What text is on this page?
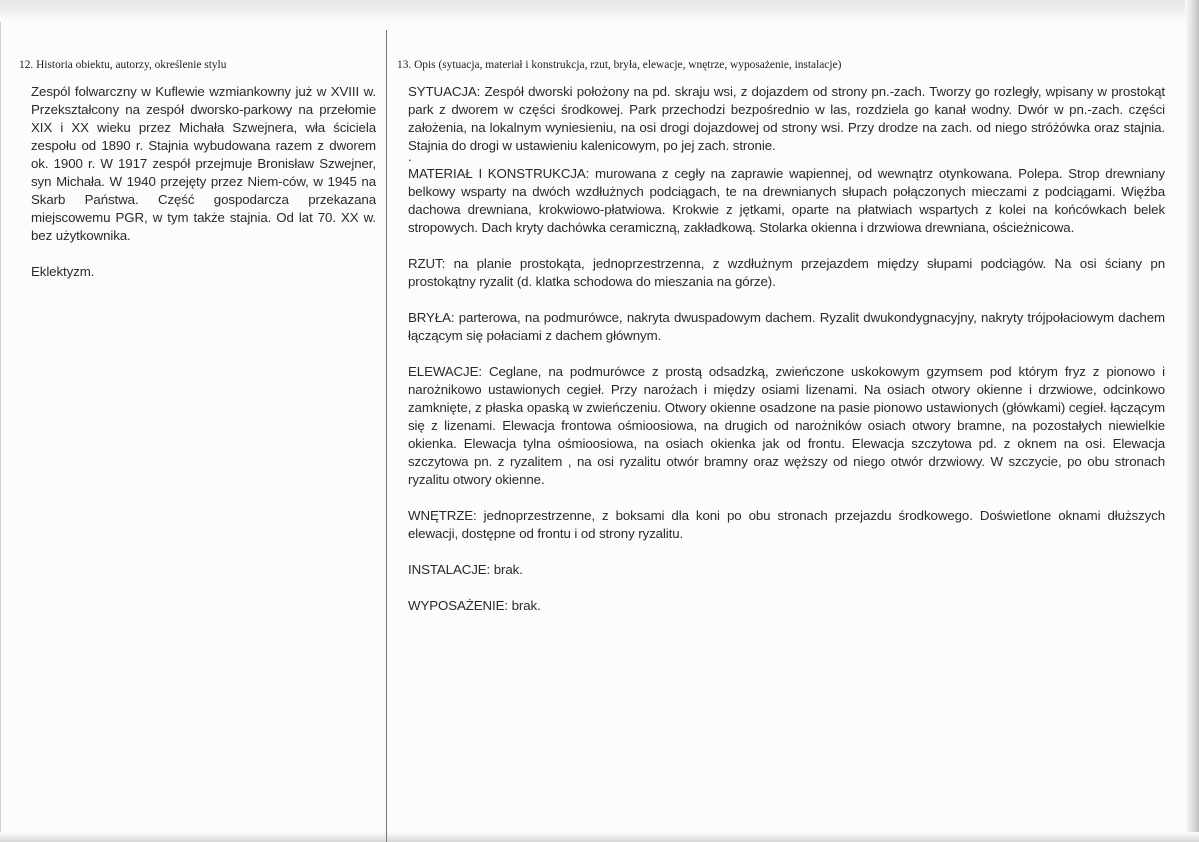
12. Historia obiektu, autorzy, określenie stylu

Zespól folwarczny w Kuflewie wzmiankowny już w XVIII w. Przekształcony na zespół dworsko-parkowy na przełomie XIX i XX wieku przez Michała Szwejnera, wła ściciela zespołu od 1890 r. Stajnia wybudowana razem z dworem ok. 1900 r. W 1917 zespół przejmuje Bronisław Szwejner, syn Michała. W 1940 przejęty przez Niem-ców, w 1945 na Skarb Państwa. Część gospodarcza przekazana miejscowemu PGR, w tym także stajnia. Od lat 70. XX w. bez użytkownika.

Eklektyzm.

13. Opis (sytuacja, materiał i konstrukcja, rzut, bryła, elewacje, wnętrze, wyposażenie, instalacje)

SYTUACJA: Zespół dworski położony na pd. skraju wsi, z dojazdem od strony pn.-zach. Tworzy go rozległy, wpisany w prostokąt park z dworem w części środkowej. Park przechodzi bezpośrednio w las, rozdziela go kanał wodny. Dwór w pn.-zach. części założenia, na lokalnym wyniesieniu, na osi drogi dojazdowej od strony wsi. Przy drodze na zach. od niego stróżówka oraz stajnia. Stajnia do drogi w ustawieniu kalenicowym, po jej zach. stronie.

.

MATERIAŁ I KONSTRUKCJA: murowana z cegły na zaprawie wapiennej, od wewnątrz otynkowana. Polepa. Strop drewniany belkowy wsparty na dwóch wzdłużnych podciągach, te na drewnianych słupach połączonych mieczami z podciągami. Więźba dachowa drewniana, krokwiowo-płatwiowa. Krokwie z jętkami, oparte na płatwiach wspartych z kolei na końcówkach belek stropowych. Dach kryty dachówka ceramiczną, zakładkową. Stolarka okienna i drzwiowa drewniana, ościeżnicowa.

RZUT: na planie prostokąta, jednoprzestrzenna, z wzdłużnym przejazdem między słupami podciągów. Na osi ściany pn prostokątny ryzalit (d. klatka schodowa do mieszania na górze).

BRYŁA: parterowa, na podmurówce, nakryta dwuspadowym dachem. Ryzalit dwukondygnacyjny, nakryty trójpołaciowym dachem łączącym się połaciami z dachem głównym.

ELEWACJE: Ceglane, na podmurówce z prostą odsadzką, zwieńczone uskokowym gzymsem pod którym fryz z pionowo i narożnikowo ustawionych cegieł. Przy narożach i między osiami lizenami. Na osiach otwory okienne i drzwiowe, odcinkowo zamknięte, z płaska opaską w zwieńczeniu. Otwory okienne osadzone na pasie pionowo ustawionych (główkami) cegieł. łączącym się z lizenami. Elewacja frontowa ośmioosiowa, na drugich od narożników osiach otwory bramne, na pozostałych niewielkie okienka. Elewacja tylna ośmioosiowa, na osiach okienka jak od frontu. Elewacja szczytowa pd. z oknem na osi. Elewacja szczytowa pn. z ryzalitem , na osi ryzalitu otwór bramny oraz węższy od niego otwór drzwiowy. W szczycie, po obu stronach ryzalitu otwory okienne.

WNĘTRZE: jednoprzestrzenne, z boksami dla koni po obu stronach przejazdu środkowego. Doświetlone oknami dłuższych elewacji, dostępne od frontu i od strony ryzalitu.

INSTALACJE: brak.

WYPOSAŻENIE: brak.
